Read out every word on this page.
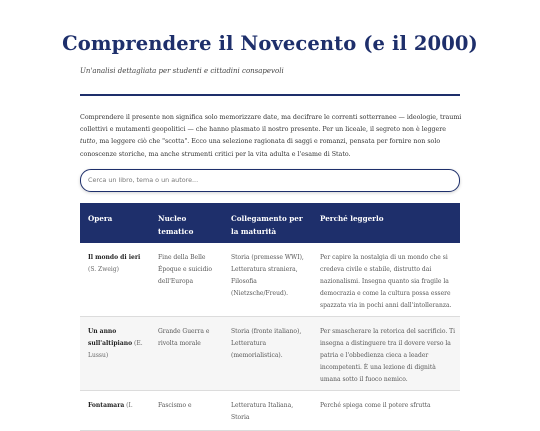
Comprendere il Novecento (e il 2000)
Un'analisi dettagliata per studenti e cittadini consapevoli

Comprendere il presente non significa solo memorizzare date, ma decifrare le correnti sotterranee — ideologie, traumi collettivi e mutamenti geopolitici — che hanno plasmato il nostro presente. Per un liceale, il segreto non è leggere tutto, ma leggere ciò che "scotta". Ecco una selezione ragionata di saggi e romanzi, pensata per fornire non solo conoscenze storiche, ma anche strumenti critici per la vita adulta e l'esame di Stato.

Cerca un libro, tema o un autore...
Opera	Nucleo tematico	Collegamento per la maturità	Perché leggerlo
Il mondo di ieri (S. Zweig)	Fine della Belle Époque e suicidio dell'Europa	Storia (premesse WWI), Letteratura straniera, Filosofia (Nietzsche/Freud).	Per capire la nostalgia di un mondo che si credeva civile e stabile, distrutto dai nazionalismi. Insegna quanto sia fragile la democrazia e come la cultura possa essere spazzata via in pochi anni dall'intolleranza.
Un anno sull'altipiano (E. Lussu)	Grande Guerra e rivolta morale	Storia (fronte italiano), Letteratura (memorialistica).	Per smascherare la retorica del sacrificio. Ti insegna a distinguere tra il dovere verso la patria e l'obbedienza cieca a leader incompetenti. È una lezione di dignità umana sotto il fuoco nemico.
Fontamara (I.	Fascismo e	Letteratura Italiana, Storia	Perché spiega come il potere sfrutta
